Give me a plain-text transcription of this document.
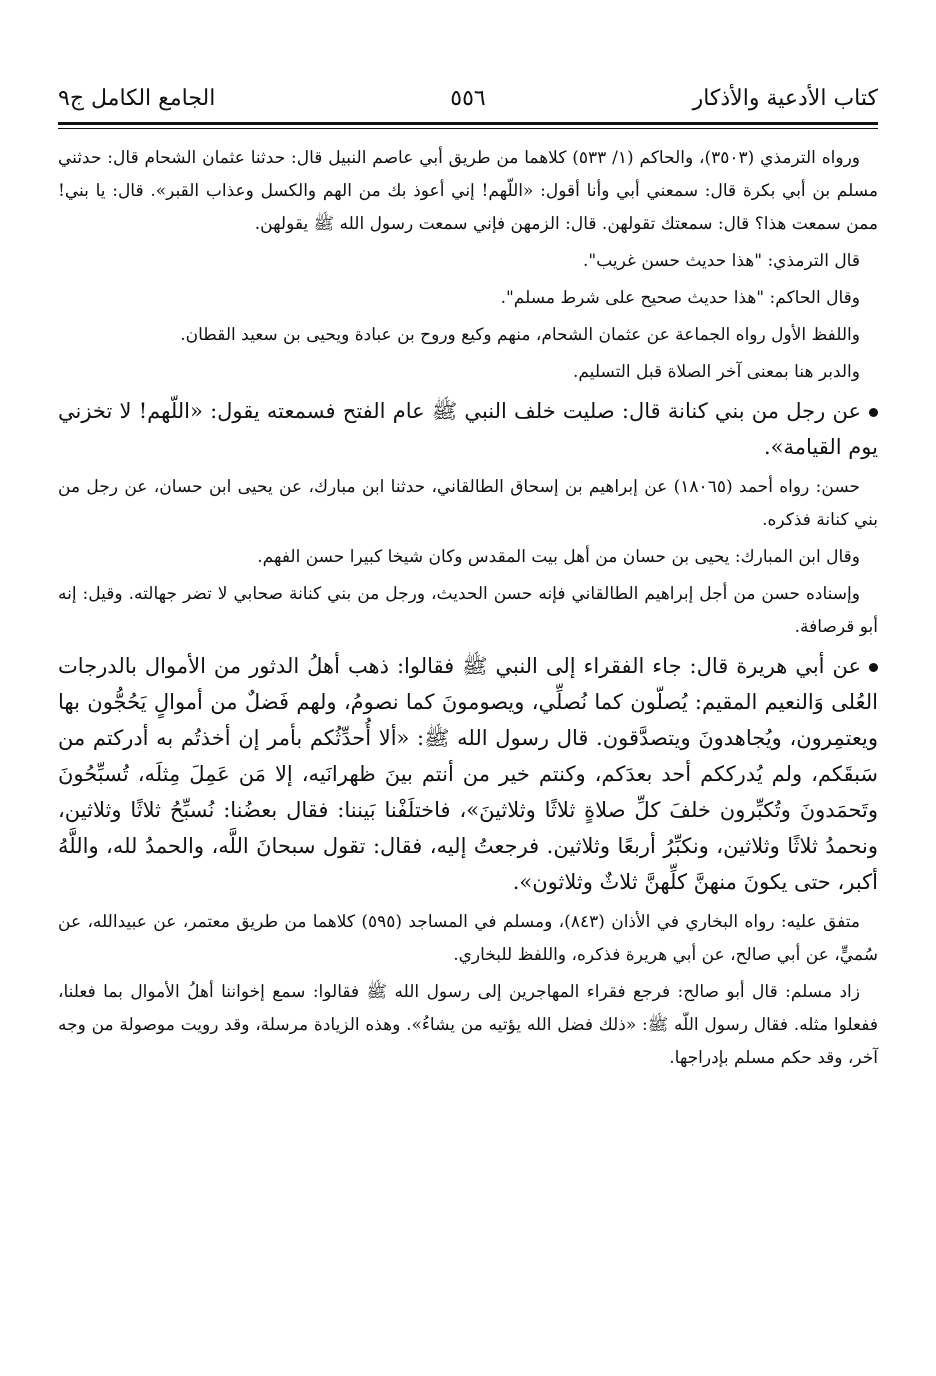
كتاب الأدعية والأذكار
٥٥٦
الجامع الكامل ج٩

ورواه الترمذي (٣٥٠٣)، والحاكم (١/ ٥٣٣) كلاهما من طريق أبي عاصم النبيل قال: حدثنا عثمان الشحام قال: حدثني مسلم بن أبي بكرة قال: سمعني أبي وأنا أقول: «اللّهم! إني أعوذ بك من الهم والكسل وعذاب القبر». قال: يا بني! ممن سمعت هذا؟ قال: سمعتك تقولهن. قال: الزمهن فإني سمعت رسول الله ﷺ يقولهن.

قال الترمذي: "هذا حديث حسن غريب".

وقال الحاكم: "هذا حديث صحيح على شرط مسلم".

واللفظ الأول رواه الجماعة عن عثمان الشحام، منهم وكيع وروح بن عبادة ويحيى بن سعيد القطان.

والدبر هنا بمعنى آخر الصلاة قبل التسليم.

عن رجل من بني كنانة قال: صليت خلف النبي ﷺ عام الفتح فسمعته يقول: «اللّهم! لا تخزني يوم القيامة».

حسن: رواه أحمد (١٨٠٦٥) عن إبراهيم بن إسحاق الطالقاني، حدثنا ابن مبارك، عن يحيى ابن حسان، عن رجل من بني كنانة فذكره.

وقال ابن المبارك: يحيى بن حسان من أهل بيت المقدس وكان شيخا كبيرا حسن الفهم.

وإسناده حسن من أجل إبراهيم الطالقاني فإنه حسن الحديث، ورجل من بني كنانة صحابي لا تضر جهالته. وقيل: إنه أبو قرصافة.

عن أبي هريرة قال: جاء الفقراء إلى النبي ﷺ فقالوا: ذهب أهلُ الدثور من الأموال بالدرجات العُلى وَالنعيم المقيم: يُصلّون كما نُصلِّي، ويصومونَ كما نصومُ، ولهم فَضلٌ من أموالٍ يَحُجُّون بها ويعتمِرون، ويُجاهدونَ ويتصدَّقون. قال رسول الله ﷺ: «ألا أُحدِّثُكم بأمر إن أخذتُم به أدركتم من سَبقَكم، ولم يُدرككم أحد بعدَكم، وكنتم خير من أنتم بينَ ظهرانَيه، إلا مَن عَمِلَ مِثلَه، تُسبِّحُونَ وتَحمَدونَ وتُكبِّرون خلفَ كلِّ صلاةٍ ثلاثًا وثلاثينَ»، فاختلَفْنا بَيننا: فقال بعضُنا: نُسبِّحُ ثلاثًا وثلاثين، ونحمدُ ثلاثًا وثلاثين، ونكبِّرُ أربعًا وثلاثين. فرجعتُ إليه، فقال: تقول سبحانَ اللَّه، والحمدُ لله، واللَّهُ أكبر، حتى يكونَ منهنَّ كلِّهنَّ ثلاثٌ وثلاثون».

متفق عليه: رواه البخاري في الأذان (٨٤٣)، ومسلم في المساجد (٥٩٥) كلاهما من طريق معتمر، عن عبيدالله، عن سُميٍّ، عن أبي صالح، عن أبي هريرة فذكره، واللفظ للبخاري.

زاد مسلم: قال أبو صالح: فرجع فقراء المهاجرين إلى رسول الله ﷺ فقالوا: سمع إخواننا أهلُ الأموال بما فعلنا، ففعلوا مثله. فقال رسول اللّه ﷺ: «ذلك فضل الله يؤتيه من يشاءُ». وهذه الزيادة مرسلة، وقد رويت موصولة من وجه آخر، وقد حكم مسلم بإدراجها.
